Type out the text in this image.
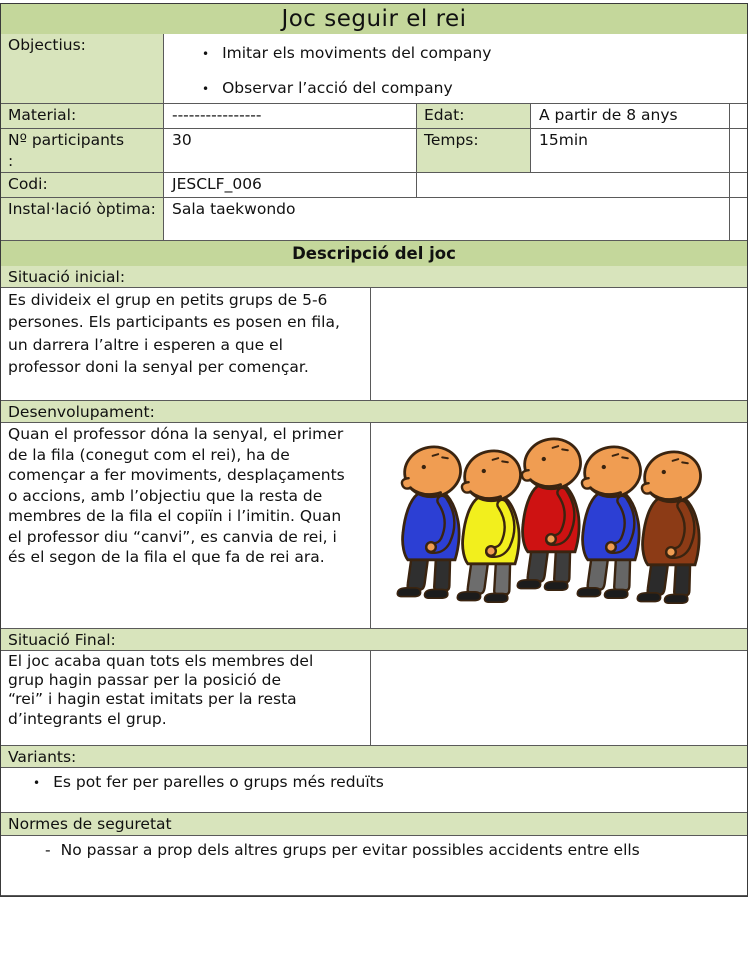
Joc seguir el rei
Objectius:	• Imitar els moviments del company
• Observar l’acció del company
Material:	----------------	Edat:	A partir de 8 anys
Nº participants
:
30	Temps:	15min
Codi:	JESCLF_006
Instal·lació òptima:	Sala taekwondo
Descripció del joc
Situació inicial:
Es divideix el grup en petits grups de 5-6 persones. Els participants es posen en fila, un darrera l’altre i esperen a que el professor doni la senyal per començar.
Desenvolupament:
Quan el professor dóna la senyal, el primer de la fila (conegut com el rei), ha de començar a fer moviments, desplaçaments o accions, amb l’objectiu que la resta de membres de la fila el copiïn i l’imitin. Quan el professor diu “canvi”, es canvia de rei, i és el segon de la fila el que fa de rei ara.
Situació Final:
El joc acaba quan tots els membres del grup hagin passar per la posició de “rei” i hagin estat imitats per la resta d’integrants el grup.
Variants:
• Es pot fer per parelles o grups més reduïts
Normes de seguretat
- No passar a prop dels altres grups per evitar possibles accidents entre ells
